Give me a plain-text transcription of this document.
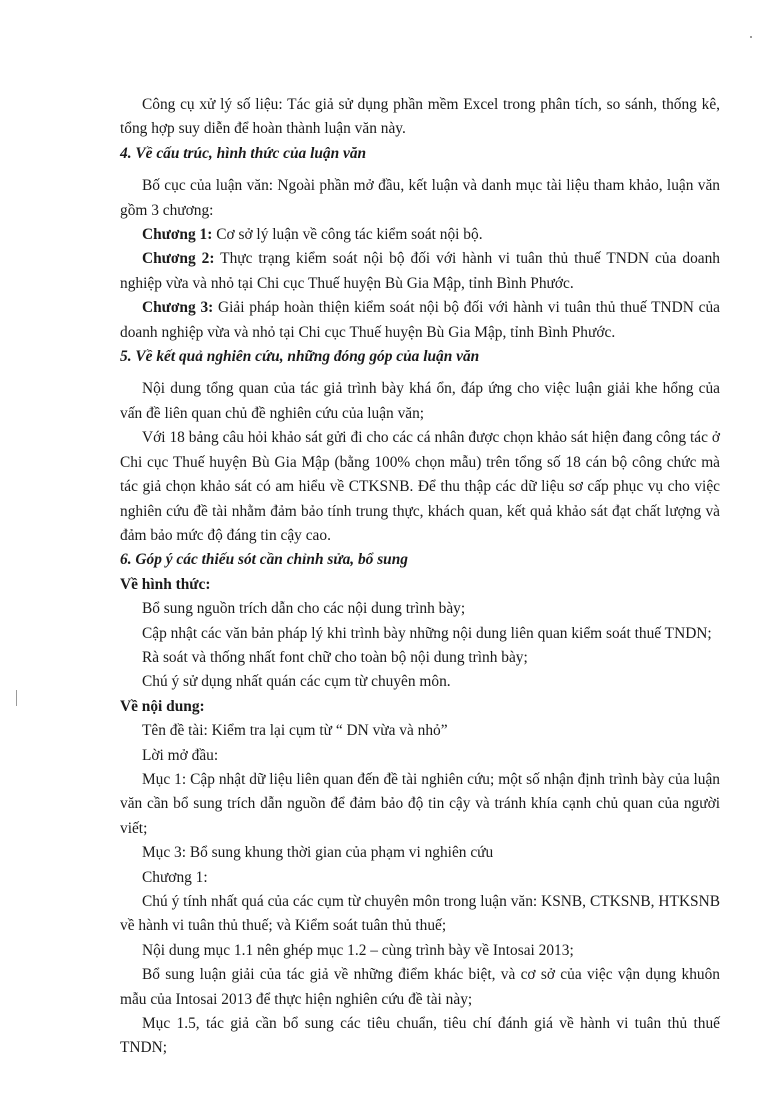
Công cụ xử lý số liệu: Tác giả sử dụng phần mềm Excel trong phân tích, so sánh, thống kê, tổng hợp suy diễn để hoàn thành luận văn này.

4. Về cấu trúc, hình thức của luận văn

Bố cục của luận văn: Ngoài phần mở đầu, kết luận và danh mục tài liệu tham khảo, luận văn gồm 3 chương:

Chương 1: Cơ sở lý luận về công tác kiểm soát nội bộ.

Chương 2: Thực trạng kiểm soát nội bộ đối với hành vi tuân thủ thuế TNDN của doanh nghiệp vừa và nhỏ tại Chi cục Thuế huyện Bù Gia Mập, tỉnh Bình Phước.

Chương 3: Giải pháp hoàn thiện kiểm soát nội bộ đối với hành vi tuân thủ thuế TNDN của doanh nghiệp vừa và nhỏ tại Chi cục Thuế huyện Bù Gia Mập, tỉnh Bình Phước.

5. Về kết quả nghiên cứu, những đóng góp của luận văn

Nội dung tổng quan của tác giả trình bày khá ổn, đáp ứng cho việc luận giải khe hổng của vấn đề liên quan chủ đề nghiên cứu của luận văn;

Với 18 bảng câu hỏi khảo sát gửi đi cho các cá nhân được chọn khảo sát hiện đang công tác ở Chi cục Thuế huyện Bù Gia Mập (bằng 100% chọn mẫu) trên tổng số 18 cán bộ công chức mà tác giả chọn khảo sát có am hiểu về CTKSNB. Để thu thập các dữ liệu sơ cấp phục vụ cho việc nghiên cứu đề tài nhằm đảm bảo tính trung thực, khách quan, kết quả khảo sát đạt chất lượng và đảm bảo mức độ đáng tin cậy cao.

6. Góp ý các thiếu sót cần chỉnh sửa, bổ sung

Về hình thức:

Bổ sung nguồn trích dẫn cho các nội dung trình bày;

Cập nhật các văn bản pháp lý khi trình bày những nội dung liên quan kiểm soát thuế TNDN;

Rà soát và thống nhất font chữ cho toàn bộ nội dung trình bày;

Chú ý sử dụng nhất quán các cụm từ chuyên môn.

Về nội dung:

Tên đề tài: Kiểm tra lại cụm từ “ DN vừa và nhỏ”

Lời mở đầu:

Mục 1: Cập nhật dữ liệu liên quan đến đề tài nghiên cứu; một số nhận định trình bày của luận văn cần bổ sung trích dẫn nguồn để đảm bảo độ tin cậy và tránh khía cạnh chủ quan của người viết;

Mục 3: Bổ sung khung thời gian của phạm vi nghiên cứu

Chương 1:

Chú ý tính nhất quá của các cụm từ chuyên môn trong luận văn: KSNB, CTKSNB, HTKSNB về hành vi tuân thủ thuế; và Kiểm soát tuân thủ thuế;

Nội dung mục 1.1 nên ghép mục 1.2 – cùng trình bày về Intosai 2013;

Bổ sung luận giải của tác giả về những điểm khác biệt, và cơ sở của việc vận dụng khuôn mẫu của Intosai 2013 để thực hiện nghiên cứu đề tài này;

Mục 1.5, tác giả cần bổ sung các tiêu chuẩn, tiêu chí đánh giá về hành vi tuân thủ thuế TNDN;
